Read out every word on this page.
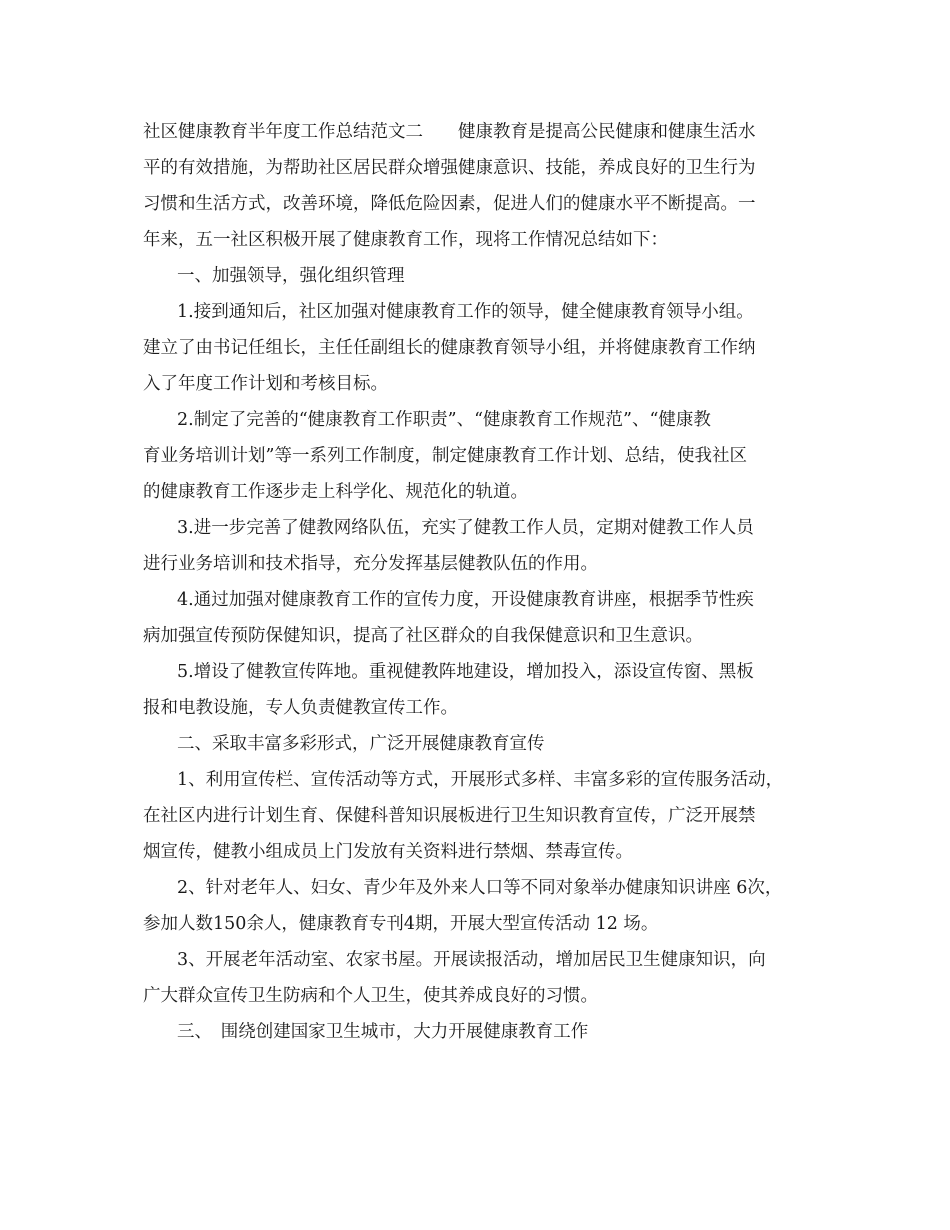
社区健康教育半年度工作总结范文二　　健康教育是提高公民健康和健康生活水

平的有效措施，为帮助社区居民群众增强健康意识、技能，养成良好的卫生行为

习惯和生活方式，改善环境，降低危险因素，促进人们的健康水平不断提高。一

年来，五一社区积极开展了健康教育工作，现将工作情况总结如下：

一、加强领导，强化组织管理

1.接到通知后，社区加强对健康教育工作的领导，健全健康教育领导小组。

建立了由书记任组长，主任任副组长的健康教育领导小组，并将健康教育工作纳

入了年度工作计划和考核目标。

2.制定了完善的“健康教育工作职责”、“健康教育工作规范”、“健康教

育业务培训计划”等一系列工作制度，制定健康教育工作计划、总结，使我社区

的健康教育工作逐步走上科学化、规范化的轨道。

3.进一步完善了健教网络队伍，充实了健教工作人员，定期对健教工作人员

进行业务培训和技术指导，充分发挥基层健教队伍的作用。

4.通过加强对健康教育工作的宣传力度，开设健康教育讲座，根据季节性疾

病加强宣传预防保健知识，提高了社区群众的自我保健意识和卫生意识。

5.增设了健教宣传阵地。重视健教阵地建设，增加投入，添设宣传窗、黑板

报和电教设施，专人负责健教宣传工作。

二、采取丰富多彩形式，广泛开展健康教育宣传

1、利用宣传栏、宣传活动等方式，开展形式多样、丰富多彩的宣传服务活动，

在社区内进行计划生育、保健科普知识展板进行卫生知识教育宣传，广泛开展禁

烟宣传，健教小组成员上门发放有关资料进行禁烟、禁毒宣传。

2、针对老年人、妇女、青少年及外来人口等不同对象举办健康知识讲座 6次，

参加人数150余人，健康教育专刊4期，开展大型宣传活动 12 场。

3、开展老年活动室、农家书屋。开展读报活动，增加居民卫生健康知识，向

广大群众宣传卫生防病和个人卫生，使其养成良好的习惯。

三、　围绕创建国家卫生城市，大力开展健康教育工作
